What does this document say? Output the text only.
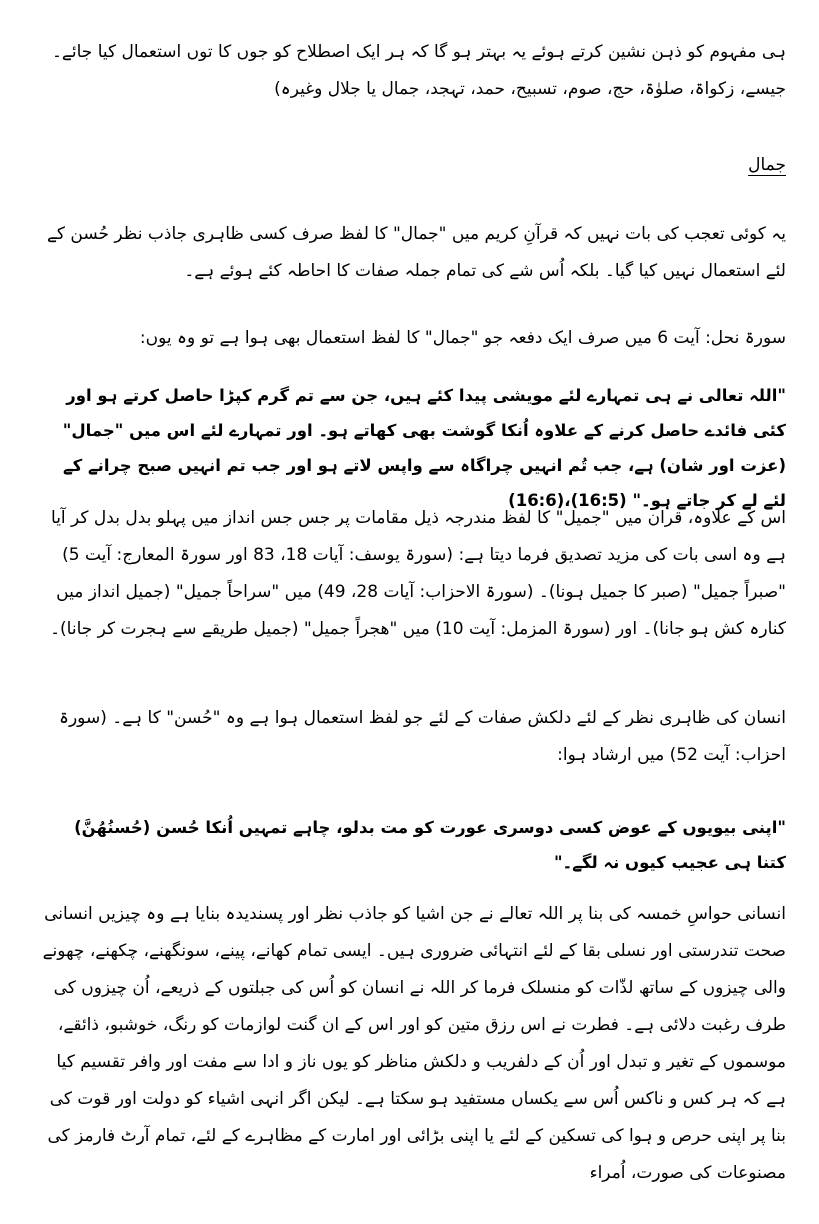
ہی مفہوم کو ذہن نشین کرتے ہوئے یہ بہتر ہو گا کہ ہر ایک اصطلاح کو جوں کا توں استعمال کیا جائے۔ جیسے، زکواۃ، صلوٰۃ، حج، صوم، تسبیح، حمد، تہجد، جمال یا جلال وغیرہ)

جمال

یہ کوئی تعجب کی بات نہیں کہ قرآنِ کریم میں "جمال" کا لفظ صرف کسی ظاہری جاذب نظر حُسن کے لئے استعمال نہیں کیا گیا۔ بلکہ اُس شے کی تمام جملہ صفات کا احاطہ کئے ہوئے ہے۔

سورۃ نحل: آیت 6 میں صرف ایک دفعہ جو "جمال" کا لفظ استعمال بھی ہوا ہے تو وہ یوں:

"اللہ تعالی نے ہی تمہارے لئے مویشی پیدا کئے ہیں، جن سے تم گرم کپڑا حاصل کرتے ہو اور کئی فائدے حاصل کرنے کے علاوہ اُنکا گوشت بھی کھاتے ہو۔ اور تمہارے لئے اس میں "جمال" (عزت اور شان) ہے، جب تُم انہیں چراگاہ سے واپس لاتے ہو اور جب تم انہیں صبح چرانے کے لئے لے کر جاتے ہو۔" (16:5)،(16:6)

اس کے علاوہ، قران میں "جمیل" کا لفظ مندرجہ ذیل مقامات پر جس جس انداز میں پہلو بدل بدل کر آیا ہے وہ اسی بات کی مزید تصدیق فرما دیتا ہے: (سورۃ یوسف: آیات 18، 83 اور سورۃ المعارج: آیت 5) "صبراً جمیل" (صبر کا جمیل ہونا)۔ (سورۃ الاحزاب: آیات 28، 49) میں "سراحاً جمیل" (جمیل انداز میں کنارہ کش ہو جانا)۔ اور (سورۃ المزمل: آیت 10) میں "ھجراً جمیل" (جمیل طریقے سے ہجرت کر جانا)۔

انسان کی ظاہری نظر کے لئے دلکش صفات کے لئے جو لفظ استعمال ہوا ہے وہ "حُسن" کا ہے۔ (سورۃ احزاب: آیت 52) میں ارشاد ہوا:

"اپنی بیویوں کے عوض کسی دوسری عورت کو مت بدلو، چاہے تمہیں اُنکا حُسن (حُسنُھُنَّ) کتنا ہی عجیب کیوں نہ لگے۔"

انسانی حواسِ خمسہ کی بنا پر اللہ تعالے نے جن اشیا کو جاذب نظر اور پسندیدہ بنایا ہے وہ چیزیں انسانی صحت تندرستی اور نسلی بقا کے لئے انتہائی ضروری ہیں۔ ایسی تمام کھانے، پینے، سونگھنے، چکھنے، چھونے والی چیزوں کے ساتھ لذّات کو منسلک فرما کر اللہ نے انسان کو اُس کی جبلتوں کے ذریعے، اُن چیزوں کی طرف رغبت دلائی ہے۔ فطرت نے اس رزق متین کو اور اس کے ان گنت لوازمات کو رنگ، خوشبو، ذائقے، موسموں کے تغیر و تبدل اور اُن کے دلفریب و دلکش مناظر کو یوں ناز و ادا سے مفت اور وافر تقسیم کیا ہے کہ ہر کس و ناکس اُس سے یکساں مستفید ہو سکتا ہے۔ لیکن اگر انہی اشیاء کو دولت اور قوت کی بنا پر اپنی حرص و ہوا کی تسکین کے لئے یا اپنی بڑائی اور امارت کے مظاہرے کے لئے، تمام آرٹ فارمز کی مصنوعات کی صورت، اُمراء
